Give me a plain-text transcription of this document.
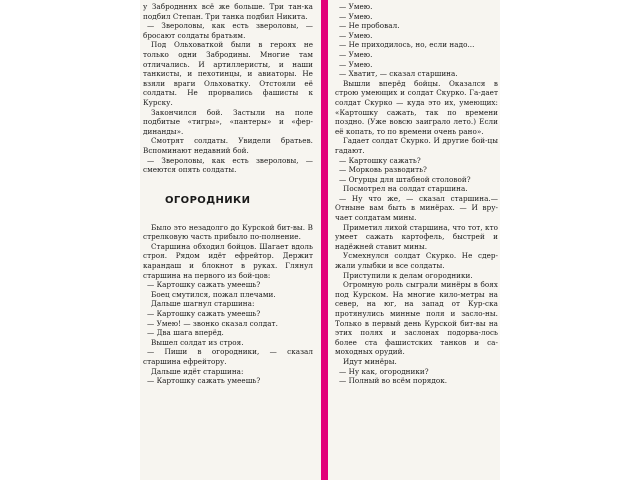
у Заброднннх всё же больше. Три тан-ка подбил Степан. Три танка подбил Никита.

— Звероловы, как есть звероловы, — бросают солдаты братьям.

Под Ольховаткой были в героях не только одни Забродины. Многие там отличались. И артиллеристы, и наши танкисты, и пехотинцы, и авиаторы. Не взяли враги Ольховатку. Отстояли её солдаты. Не прорвались фашисты к Курску.

Закончился бой. Застыли на поле подбитые «тигры», «пантеры» и «фер-динанды».

Смотрят солдаты. Увидели братьев. Вспоминают недавний бой.

— Звероловы, как есть звероловы, — смеются опять солдаты.

ОГОРОДНИКИ

Было это незадолго до Курской бит-вы. В стрелковую часть прибыло по-полнение.

Старшина обходил бойцов. Шагает вдоль строя. Рядом идёт ефрейтор. Держит карандаш и блокнот в руках. Глянул старшина на первого из бой-цов:

— Картошку сажать умеешь?

Боец смутился, пожал плечами.

Дальше шагнул старшина:

— Картошку сажать умеешь?

— Умею! — звонко сказал солдат.

— Два шага вперёд.

Вышел солдат из строя.

— Пиши в огородники, — сказал старшина ефрейтору.

Дальше идёт старшина:

— Картошку сажать умеешь?

— Умею.

— Умею.

— Не пробовал.

— Умею.

— Не приходилось, но, если надо...

— Умею.

— Умею.

— Хватит, — сказал старшина.

Вышли вперёд бойцы. Оказался в строю умеющих и солдат Скурко. Га-дает солдат Скурко — куда это их, умеющих: «Картошку сажать, так по времени поздно. (Уже вовсю заиграло лето.) Если её копать, то по времени очень рано».

Гадает солдат Скурко. И другие бой-цы гадают.

— Картошку сажать?

— Морковь разводить?

— Огурцы для штабной столовой?

Посмотрел на солдат старшина.

— Ну что же, — сказал старшина.— Отныне вам быть в минёрах. — И вру-чает солдатам мины.

Приметил лихой старшина, что тот, кто умеет сажать картофель, быстрей и надёжней ставит мины.

Усмехнулся солдат Скурко. Не сдер-жали улыбки и все солдаты.

Приступили к делам огородники.

Огромную роль сыграли минёры в боях под Курском. На многие кило-метры на север, на юг, на запад от Кур-ска протянулись минные поля и засло-ны. Только в первый день Курской бит-вы на этих полях и заслонах подорва-лось более ста фашистских танков и са-моходных орудий.

Идут минёры.

— Ну как, огородники?

— Полный во всём порядок.
